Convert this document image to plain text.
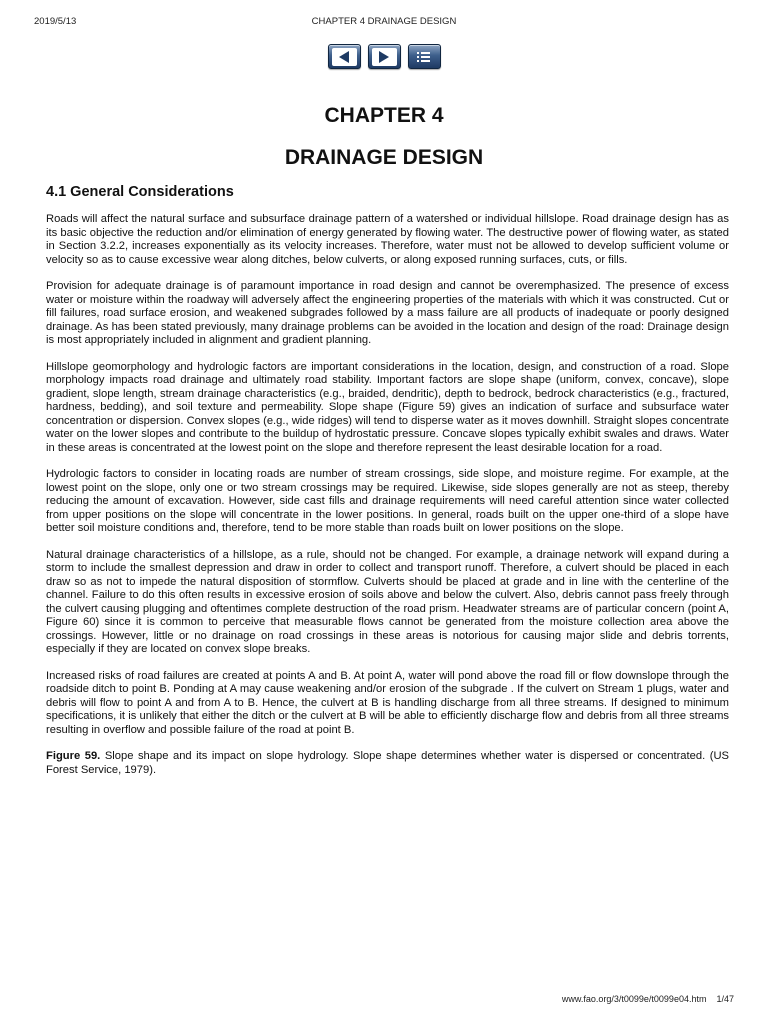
2019/5/13	CHAPTER 4 DRAINAGE DESIGN
CHAPTER 4
DRAINAGE DESIGN
4.1 General Considerations

Roads will affect the natural surface and subsurface drainage pattern of a watershed or individual hillslope. Road drainage design has as its basic objective the reduction and/or elimination of energy generated by flowing water. The destructive power of flowing water, as stated in Section 3.2.2, increases exponentially as its velocity increases. Therefore, water must not be allowed to develop sufficient volume or velocity so as to cause excessive wear along ditches, below culverts, or along exposed running surfaces, cuts, or fills.

Provision for adequate drainage is of paramount importance in road design and cannot be overemphasized. The presence of excess water or moisture within the roadway will adversely affect the engineering properties of the materials with which it was constructed. Cut or fill failures, road surface erosion, and weakened subgrades followed by a mass failure are all products of inadequate or poorly designed drainage. As has been stated previously, many drainage problems can be avoided in the location and design of the road: Drainage design is most appropriately included in alignment and gradient planning.

Hillslope geomorphology and hydrologic factors are important considerations in the location, design, and construction of a road. Slope morphology impacts road drainage and ultimately road stability. Important factors are slope shape (uniform, convex, concave), slope gradient, slope length, stream drainage characteristics (e.g., braided, dendritic), depth to bedrock, bedrock characteristics (e.g., fractured, hardness, bedding), and soil texture and permeability. Slope shape (Figure 59) gives an indication of surface and subsurface water concentration or dispersion. Convex slopes (e.g., wide ridges) will tend to disperse water as it moves downhill. Straight slopes concentrate water on the lower slopes and contribute to the buildup of hydrostatic pressure. Concave slopes typically exhibit swales and draws. Water in these areas is concentrated at the lowest point on the slope and therefore represent the least desirable location for a road.

Hydrologic factors to consider in locating roads are number of stream crossings, side slope, and moisture regime. For example, at the lowest point on the slope, only one or two stream crossings may be required. Likewise, side slopes generally are not as steep, thereby reducing the amount of excavation. However, side cast fills and drainage requirements will need careful attention since water collected from upper positions on the slope will concentrate in the lower positions. In general, roads built on the upper one-third of a slope have better soil moisture conditions and, therefore, tend to be more stable than roads built on lower positions on the slope.

Natural drainage characteristics of a hillslope, as a rule, should not be changed. For example, a drainage network will expand during a storm to include the smallest depression and draw in order to collect and transport runoff. Therefore, a culvert should be placed in each draw so as not to impede the natural disposition of stormflow. Culverts should be placed at grade and in line with the centerline of the channel. Failure to do this often results in excessive erosion of soils above and below the culvert. Also, debris cannot pass freely through the culvert causing plugging and oftentimes complete destruction of the road prism. Headwater streams are of particular concern (point A, Figure 60) since it is common to perceive that measurable flows cannot be generated from the moisture collection area above the crossings. However, little or no drainage on road crossings in these areas is notorious for causing major slide and debris torrents, especially if they are located on convex slope breaks.

Increased risks of road failures are created at points A and B. At point A, water will pond above the road fill or flow downslope through the roadside ditch to point B. Ponding at A may cause weakening and/or erosion of the subgrade . If the culvert on Stream 1 plugs, water and debris will flow to point A and from A to B. Hence, the culvert at B is handling discharge from all three streams. If designed to minimum specifications, it is unlikely that either the ditch or the culvert at B will be able to efficiently discharge flow and debris from all three streams resulting in overflow and possible failure of the road at point B.

Figure 59. Slope shape and its impact on slope hydrology. Slope shape determines whether water is dispersed or concentrated. (US Forest Service, 1979).

www.fao.org/3/t0099e/t0099e04.htm 1/47
